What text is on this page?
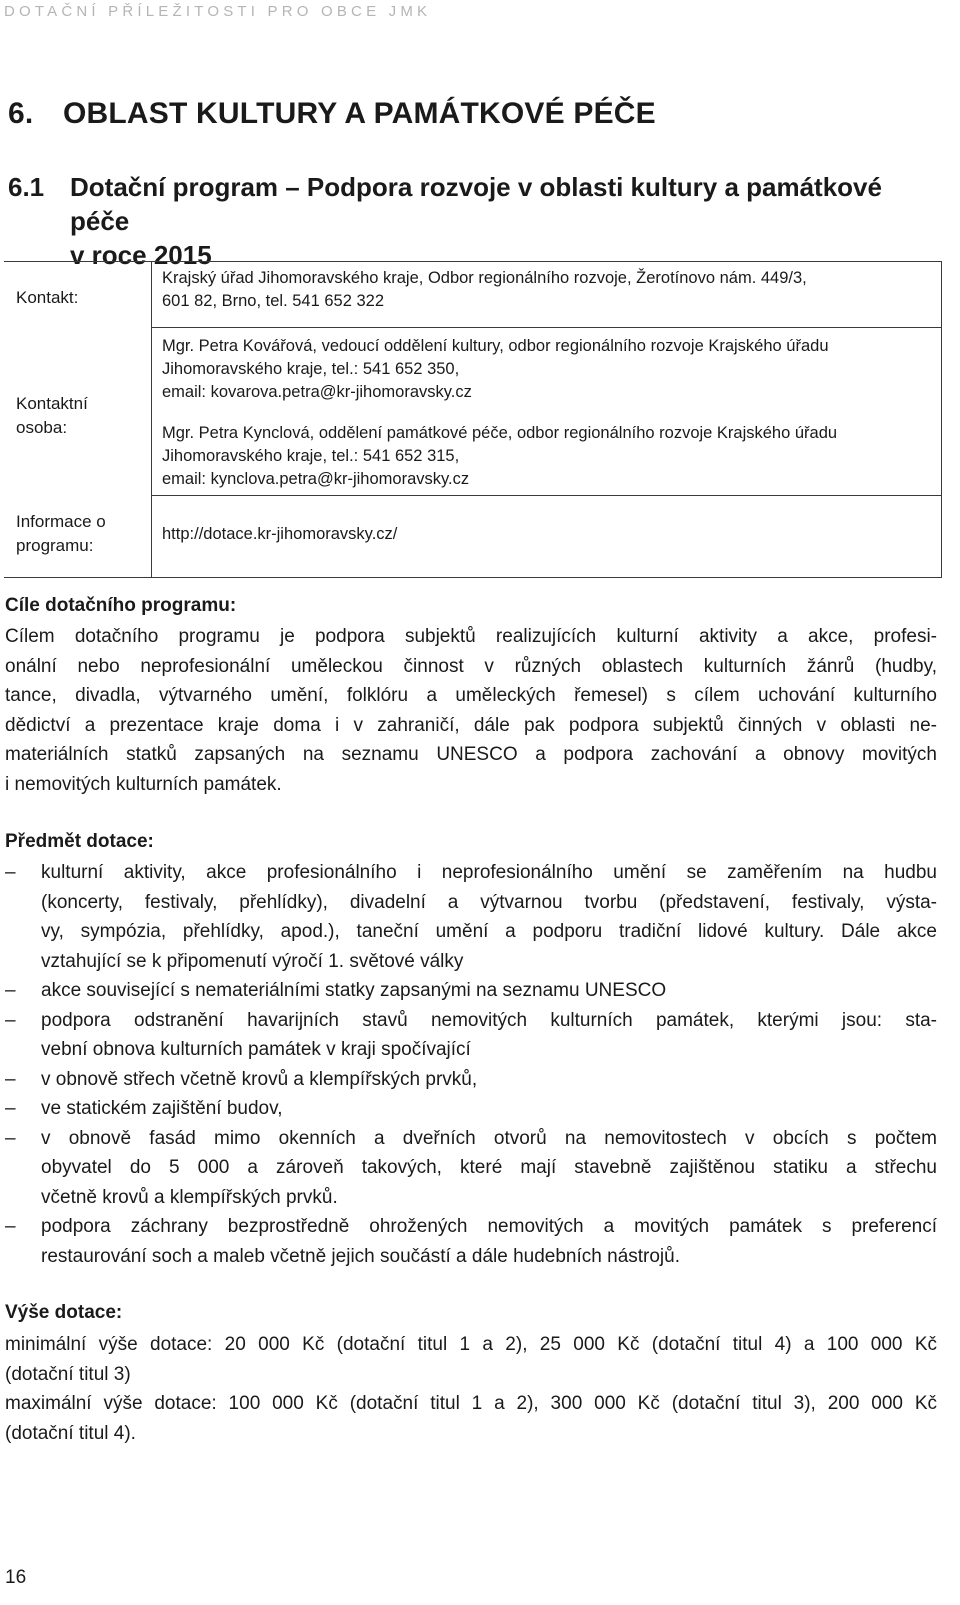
DOTAČNÍ PŘÍLEŽITOSTI PRO OBCE JMK
6. OBLAST KULTURY A PAMÁTKOVÉ PÉČE
6.1 Dotační program – Podpora rozvoje v oblasti kultury a památkové péče
v roce 2015
Kontakt:
Kontaktní osoba:
Informace o programu:
Krajský úřad Jihomoravského kraje, Odbor regionálního rozvoje, Žerotínovo nám. 449/3,
601 82, Brno, tel. 541 652 322
Mgr. Petra Kovářová, vedoucí oddělení kultury, odbor regionálního rozvoje Krajského úřadu
Jihomoravského kraje, tel.: 541 652 350,
email: kovarova.petra@kr-jihomoravsky.cz
Mgr. Petra Kynclová, oddělení památkové péče, odbor regionálního rozvoje Krajského úřadu
Jihomoravského kraje, tel.: 541 652 315,
email: kynclova.petra@kr-jihomoravsky.cz
http://dotace.kr-jihomoravsky.cz/
Cíle dotačního programu:
Cílem dotačního programu je podpora subjektů realizujících kulturní aktivity a akce, profesi-
onální nebo neprofesionální uměleckou činnost v různých oblastech kulturních žánrů (hudby,
tance, divadla, výtvarného umění, folklóru a uměleckých řemesel) s cílem uchování kulturního
dědictví a prezentace kraje doma i v zahraničí, dále pak podpora subjektů činných v oblasti ne-
materiálních statků zapsaných na seznamu UNESCO a podpora zachování a obnovy movitých
i nemovitých kulturních památek.
Předmět dotace:
– kulturní aktivity, akce profesionálního i neprofesionálního umění se zaměřením na hudbu
(koncerty, festivaly, přehlídky), divadelní a výtvarnou tvorbu (představení, festivaly, výsta-
vy, sympózia, přehlídky, apod.), taneční umění a podporu tradiční lidové kultury. Dále akce
vztahující se k připomenutí výročí 1. světové války
– akce související s nemateriálními statky zapsanými na seznamu UNESCO
– podpora odstranění havarijních stavů nemovitých kulturních památek, kterými jsou: sta-
vební obnova kulturních památek v kraji spočívající
– v obnově střech včetně krovů a klempířských prvků,
– ve statickém zajištění budov,
– v obnově fasád mimo okenních a dveřních otvorů na nemovitostech v obcích s počtem
obyvatel do 5 000 a zároveň takových, které mají stavebně zajištěnou statiku a střechu
včetně krovů a klempířských prvků.
– podpora záchrany bezprostředně ohrožených nemovitých a movitých památek s preferencí
restaurování soch a maleb včetně jejich součástí a dále hudebních nástrojů.
Výše dotace:
minimální výše dotace: 20 000 Kč (dotační titul 1 a 2), 25 000 Kč (dotační titul 4) a 100 000 Kč
(dotační titul 3)
maximální výše dotace: 100 000 Kč (dotační titul 1 a 2), 300 000 Kč (dotační titul 3), 200 000 Kč
(dotační titul 4).
16
